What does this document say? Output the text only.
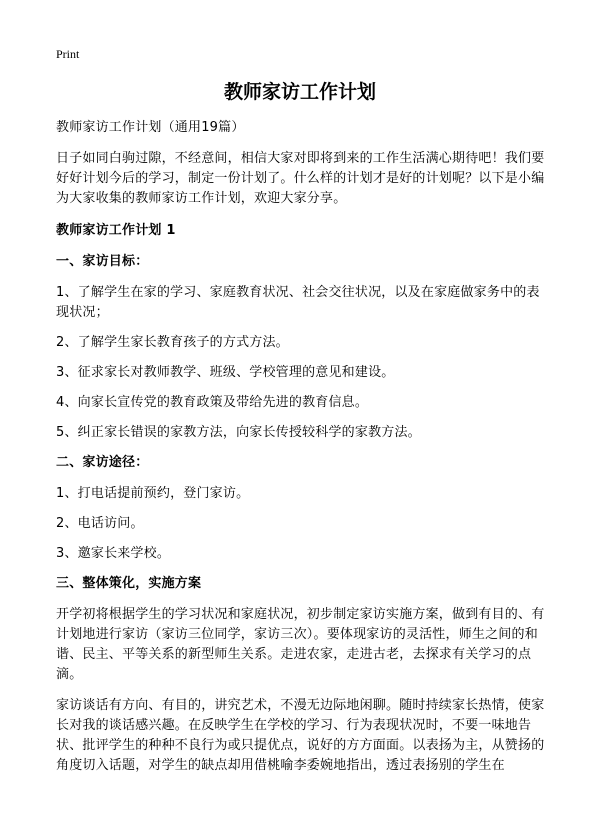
Print
教师家访工作计划

教师家访工作计划（通用19篇）

日子如同白驹过隙，不经意间，相信大家对即将到来的工作生活满心期待吧！我们要好好计划今后的学习，制定一份计划了。什么样的计划才是好的计划呢？以下是小编为大家收集的教师家访工作计划，欢迎大家分享。

教师家访工作计划 1

一、家访目标：

1、了解学生在家的学习、家庭教育状况、社会交往状况，以及在家庭做家务中的表现状况；

2、了解学生家长教育孩子的方式方法。

3、征求家长对教师教学、班级、学校管理的意见和建设。

4、向家长宣传党的教育政策及带给先进的教育信息。

5、纠正家长错误的家教方法，向家长传授较科学的家教方法。

二、家访途径：

1、打电话提前预约，登门家访。

2、电话访问。

3、邀家长来学校。

三、整体策化，实施方案

开学初将根据学生的学习状况和家庭状况，初步制定家访实施方案，做到有目的、有计划地进行家访（家访三位同学，家访三次）。要体现家访的灵活性，师生之间的和谐、民主、平等关系的新型师生关系。走进农家，走进古老，去探求有关学习的点滴。

家访谈话有方向、有目的，讲究艺术，不漫无边际地闲聊。随时持续家长热情，使家长对我的谈话感兴趣。在反映学生在学校的学习、行为表现状况时，不要一味地告状、批评学生的种种不良行为或只提优点，说好的方方面面。以表扬为主，从赞扬的角度切入话题，对学生的缺点却用借桃喻李委婉地指出，透过表扬别的学生在
